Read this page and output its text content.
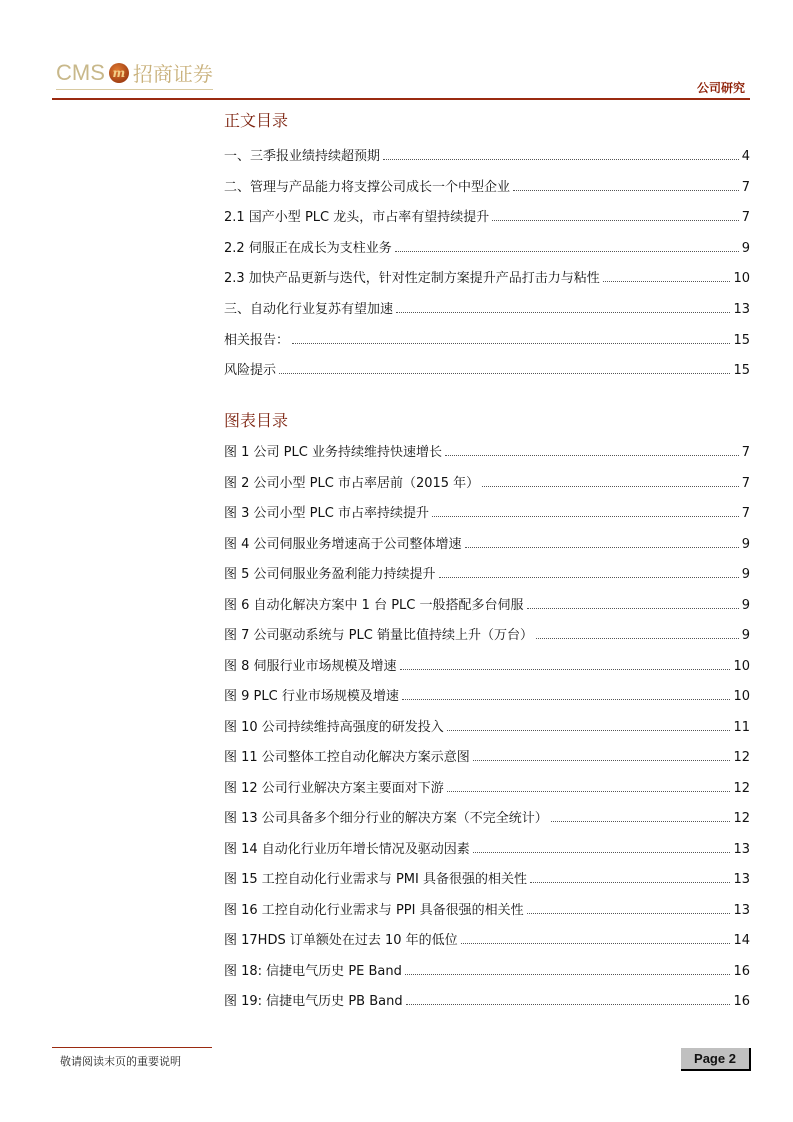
CMS m 招商证券
公司研究
正文目录
一、三季报业绩持续超预期	4
二、管理与产品能力将支撑公司成长一个中型企业	7
2.1 国产小型 PLC 龙头，市占率有望持续提升	7
2.2 伺服正在成长为支柱业务	9
2.3 加快产品更新与迭代，针对性定制方案提升产品打击力与粘性	10
三、自动化行业复苏有望加速	13
相关报告：	15
风险提示	15
图表目录
图 1 公司 PLC 业务持续维持快速增长	7
图 2 公司小型 PLC 市占率居前（2015 年）	7
图 3 公司小型 PLC 市占率持续提升	7
图 4 公司伺服业务增速高于公司整体增速	9
图 5 公司伺服业务盈利能力持续提升	9
图 6 自动化解决方案中 1 台 PLC 一般搭配多台伺服	9
图 7 公司驱动系统与 PLC 销量比值持续上升（万台）	9
图 8 伺服行业市场规模及增速	10
图 9 PLC 行业市场规模及增速	10
图 10 公司持续维持高强度的研发投入	11
图 11 公司整体工控自动化解决方案示意图	12
图 12 公司行业解决方案主要面对下游	12
图 13 公司具备多个细分行业的解决方案（不完全统计）	12
图 14 自动化行业历年增长情况及驱动因素	13
图 15 工控自动化行业需求与 PMI 具备很强的相关性	13
图 16 工控自动化行业需求与 PPI 具备很强的相关性	13
图 17HDS 订单额处在过去 10 年的低位	14
图 18: 信捷电气历史 PE Band	16
图 19: 信捷电气历史 PB Band	16
敬请阅读末页的重要说明	Page 2
